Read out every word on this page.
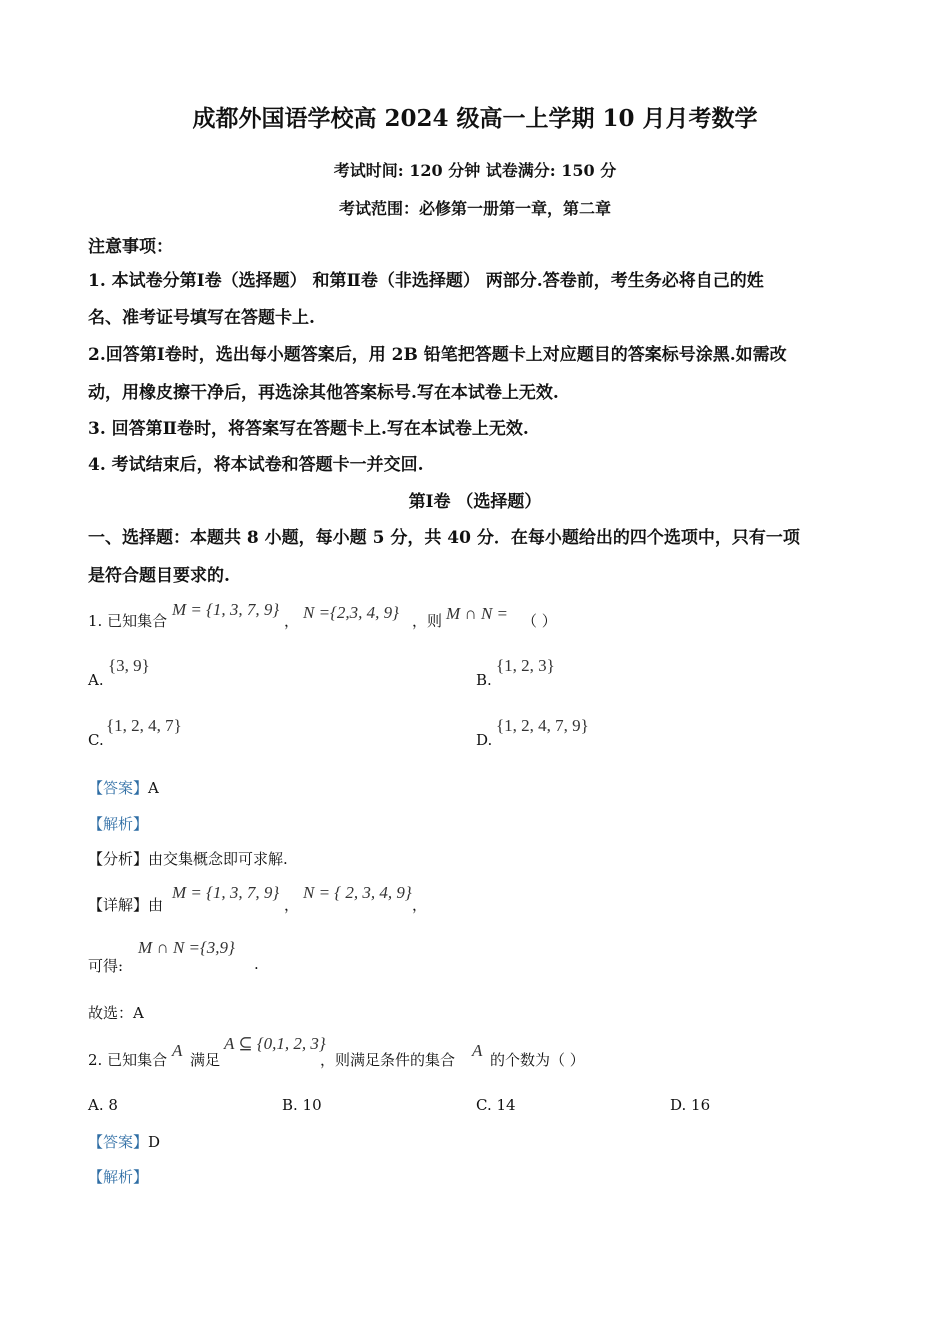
成都外国语学校高 2024 级高一上学期 10 月月考数学
考试时间: 120 分钟 试卷满分: 150 分
考试范围：必修第一册第一章，第二章
注意事项：
1. 本试卷分第Ⅰ卷（选择题） 和第Ⅱ卷（非选择题） 两部分.答卷前，考生务必将自己的姓
名、准考证号填写在答题卡上.
2.回答第Ⅰ卷时，选出每小题答案后，用 2B 铅笔把答题卡上对应题目的答案标号涂黑.如需改
动，用橡皮擦干净后，再选涂其他答案标号.写在本试卷上无效.
3. 回答第Ⅱ卷时，将答案写在答题卡上.写在本试卷上无效.
4. 考试结束后，将本试卷和答题卡一并交回.
第Ⅰ卷 （选择题）
一、选择题：本题共 8 小题，每小题 5 分，共 40 分．在每小题给出的四个选项中，只有一项
是符合题目要求的.
1. 已知集合
M = {1, 3, 7, 9}
， N ={2,3, 4, 9} ，则 M ∩ N = （ ）
A.
{3, 9}
B.
{1, 2, 3}
C.
{1, 2, 4, 7}
D.
{1, 2, 4, 7, 9}
【答案】A
【解析】
【分析】由交集概念即可求解.
【详解】由
M = {1, 3, 7, 9}
，
N = { 2, 3, 4, 9}
，
可得:
M ∩ N ={3,9}
.
故选：A
2. 已知集合 A 满足
A ⊆ {0,1, 2, 3}
，则满足条件的集合 A 的个数为（ ）
A. 8	B. 10	C. 14	D. 16
【答案】D
【解析】
